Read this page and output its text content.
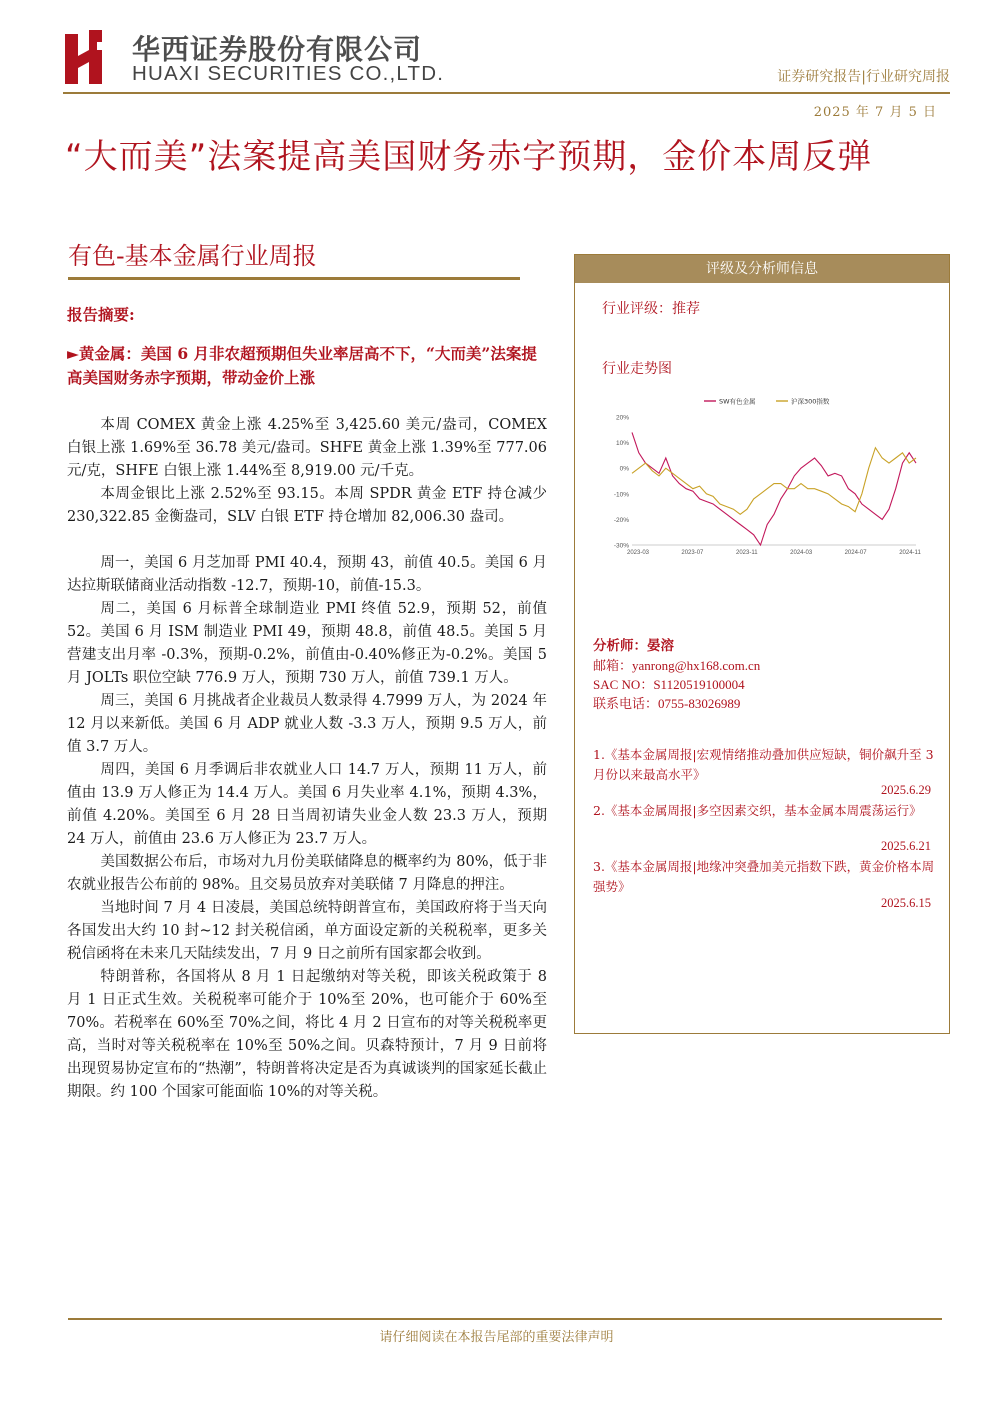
华西证券股份有限公司
HUAXI SECURITIES CO.,LTD.	证券研究报告|行业研究周报
2025 年 7 月 5 日
“大而美”法案提高美国财务赤字预期，金价本周反弹
有色-基本金属行业周报
报告摘要:
►黄金属：美国 6 月非农超预期但失业率居高不下，“大而美”法案提高美国财务赤字预期，带动金价上涨

本周 COMEX 黄金上涨 4.25%至 3,425.60 美元/盎司，COMEX 白银上涨 1.69%至 36.78 美元/盎司。SHFE 黄金上涨 1.39%至 777.06 元/克，SHFE 白银上涨 1.44%至 8,919.00 元/千克。

本周金银比上涨 2.52%至 93.15。本周 SPDR 黄金 ETF 持仓减少 230,322.85 金衡盎司，SLV 白银 ETF 持仓增加 82,006.30 盎司。

周一，美国 6 月芝加哥 PMI 40.4，预期 43，前值 40.5。美国 6 月达拉斯联储商业活动指数 -12.7，预期-10，前值-15.3。

周二，美国 6 月标普全球制造业 PMI 终值 52.9，预期 52，前值 52。美国 6 月 ISM 制造业 PMI 49，预期 48.8，前值 48.5。美国 5 月营建支出月率 -0.3%，预期-0.2%，前值由-0.40%修正为-0.2%。美国 5 月 JOLTs 职位空缺 776.9 万人，预期 730 万人，前值 739.1 万人。

周三，美国 6 月挑战者企业裁员人数录得 4.7999 万人，为 2024 年 12 月以来新低。美国 6 月 ADP 就业人数 -3.3 万人，预期 9.5 万人，前值 3.7 万人。

周四，美国 6 月季调后非农就业人口 14.7 万人，预期 11 万人，前值由 13.9 万人修正为 14.4 万人。美国 6 月失业率 4.1%，预期 4.3%，前值 4.20%。美国至 6 月 28 日当周初请失业金人数 23.3 万人，预期 24 万人，前值由 23.6 万人修正为 23.7 万人。

美国数据公布后，市场对九月份美联储降息的概率约为 80%，低于非农就业报告公布前的 98%。且交易员放弃对美联储 7 月降息的押注。

当地时间 7 月 4 日凌晨，美国总统特朗普宣布，美国政府将于当天向各国发出大约 10 封~12 封关税信函，单方面设定新的关税税率，更多关税信函将在未来几天陆续发出，7 月 9 日之前所有国家都会收到。

特朗普称，各国将从 8 月 1 日起缴纳对等关税，即该关税政策于 8 月 1 日正式生效。关税税率可能介于 10%至 20%，也可能介于 60%至 70%。若税率在 60%至 70%之间，将比 4 月 2 日宣布的对等关税税率更高，当时对等关税税率在 10%至 50%之间。贝森特预计，7 月 9 日前将出现贸易协定宣布的“热潮”，特朗普将决定是否为真诚谈判的国家延长截止期限。约 100 个国家可能面临 10%的对等关税。

评级及分析师信息
行业评级：推荐
行业走势图
20%
10%
0%
-10%
-20%
-30%
2023-03	2023-07	2023-11	2024-03	2024-07	2024-11
SW有色金属	沪深300指数
分析师：晏溶
邮箱：yanrong@hx168.com.cn
SAC NO：S1120519100004
联系电话：0755-83026989
1.《基本金属周报|宏观情绪推动叠加供应短缺，铜价飙升至 3 月份以来最高水平》
2025.6.29
2.《基本金属周报|多空因素交织，基本金属本周震荡运行》
2025.6.21
3.《基本金属周报|地缘冲突叠加美元指数下跌，黄金价格本周强势》
2025.6.15
请仔细阅读在本报告尾部的重要法律声明
